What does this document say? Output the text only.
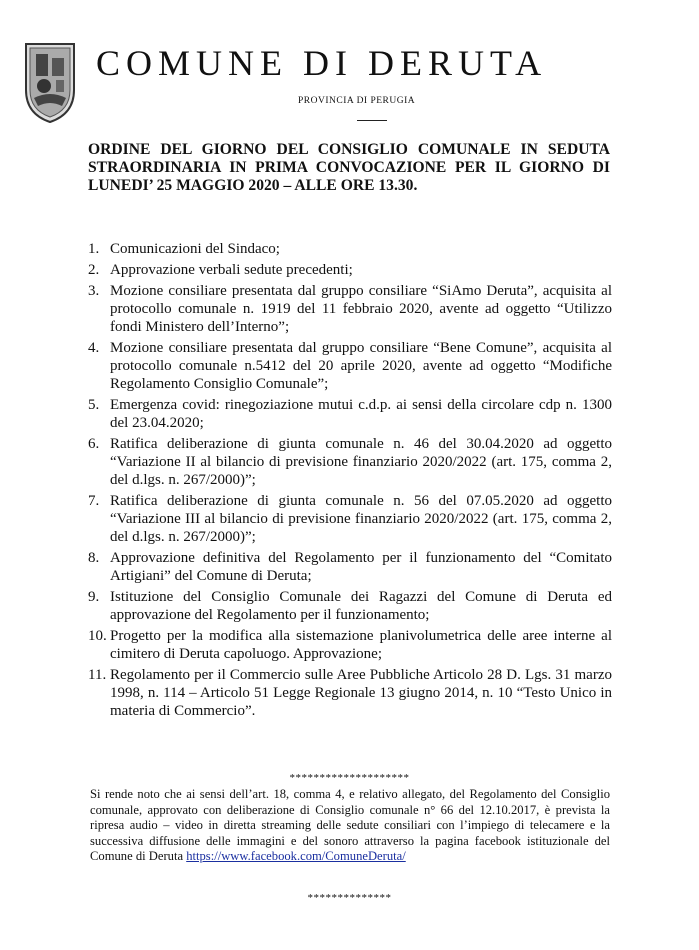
COMUNE DI DERUTA
PROVINCIA DI PERUGIA
ORDINE DEL GIORNO DEL CONSIGLIO COMUNALE IN SEDUTA STRAORDINARIA IN PRIMA CONVOCAZIONE PER IL GIORNO DI LUNEDI’ 25 MAGGIO 2020 – ALLE ORE 13.30.
1. Comunicazioni del Sindaco;
2. Approvazione verbali sedute precedenti;
3. Mozione consiliare presentata dal gruppo consiliare “SiAmo Deruta”, acquisita al protocollo comunale n. 1919 del 11 febbraio 2020, avente ad oggetto “Utilizzo fondi Ministero dell’Interno”;
4. Mozione consiliare presentata dal gruppo consiliare “Bene Comune”, acquisita al protocollo comunale n.5412 del 20 aprile 2020, avente ad oggetto “Modifiche Regolamento Consiglio Comunale”;
5. Emergenza covid: rinegoziazione mutui c.d.p. ai sensi della circolare cdp n. 1300 del 23.04.2020;
6. Ratifica deliberazione di giunta comunale n. 46 del 30.04.2020 ad oggetto “Variazione II al bilancio di previsione finanziario 2020/2022 (art. 175, comma 2, del d.lgs. n. 267/2000)”;
7. Ratifica deliberazione di giunta comunale n. 56 del 07.05.2020 ad oggetto “Variazione III al bilancio di previsione finanziario 2020/2022 (art. 175, comma 2, del d.lgs. n. 267/2000)”;
8. Approvazione definitiva del Regolamento per il funzionamento del “Comitato Artigiani” del Comune di Deruta;
9. Istituzione del Consiglio Comunale dei Ragazzi del Comune di Deruta ed approvazione del Regolamento per il funzionamento;
10. Progetto per la modifica alla sistemazione planivolumetrica delle aree interne al cimitero di Deruta capoluogo. Approvazione;
11. Regolamento per il Commercio sulle Aree Pubbliche Articolo 28 D. Lgs. 31 marzo 1998, n. 114 – Articolo 51 Legge Regionale 13 giugno 2014, n. 10 “Testo Unico in materia di Commercio”.
********************
Si rende noto che ai sensi dell’art. 18, comma 4, e relativo allegato, del Regolamento del Consiglio comunale, approvato con deliberazione di Consiglio comunale n° 66 del 12.10.2017, è prevista la ripresa audio – video in diretta streaming delle sedute consiliari con l’impiego di telecamere e la successiva diffusione delle immagini e del sonoro attraverso la pagina facebook istituzionale del Comune di Deruta https://www.facebook.com/ComuneDeruta/
**************
